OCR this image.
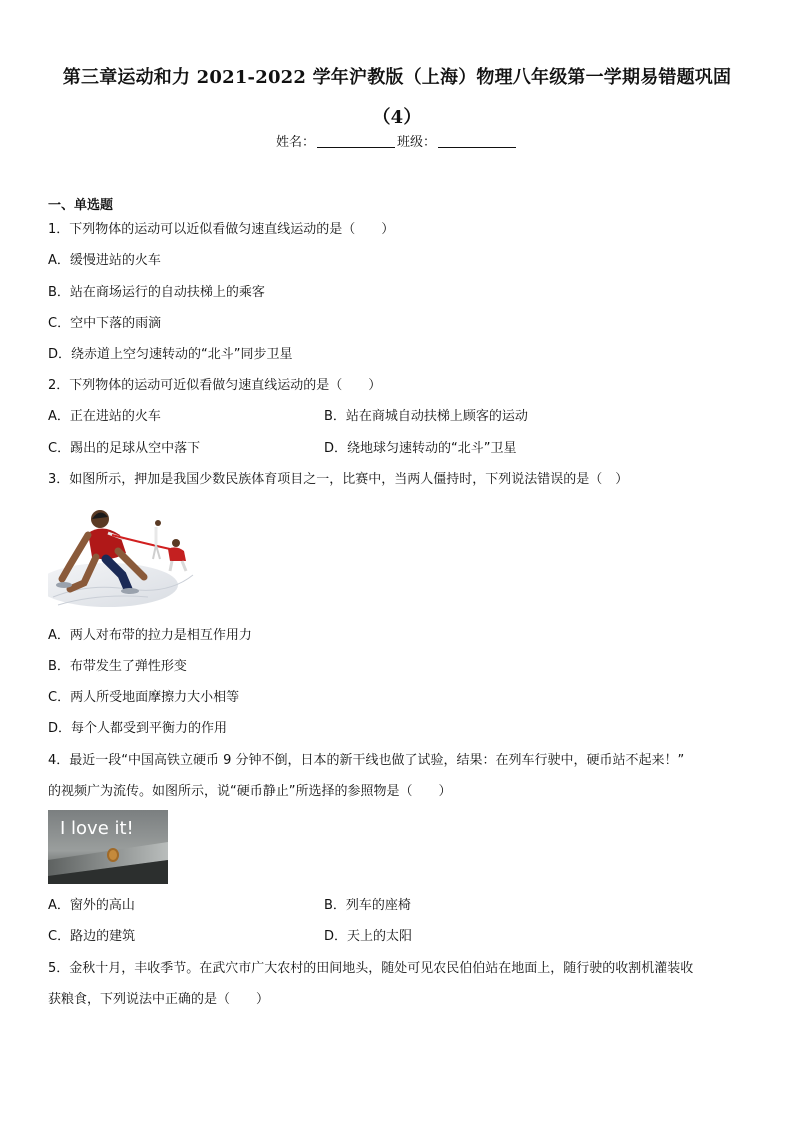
第三章运动和力 2021-2022 学年沪教版（上海）物理八年级第一学期易错题巩固
（4）
姓名：	班级：
一、单选题
1．下列物体的运动可以近似看做匀速直线运动的是（　　）
A．缓慢进站的火车
B．站在商场运行的自动扶梯上的乘客
C．空中下落的雨滴
D．绕赤道上空匀速转动的“北斗”同步卫星
2．下列物体的运动可近似看做匀速直线运动的是（　　）
A．正在进站的火车	B．站在商城自动扶梯上顾客的运动
C．踢出的足球从空中落下	D．绕地球匀速转动的“北斗”卫星
3．如图所示，押加是我国少数民族体育项目之一，比赛中，当两人僵持时，下列说法错误的是（　）
A．两人对布带的拉力是相互作用力
B．布带发生了弹性形变
C．两人所受地面摩擦力大小相等
D．每个人都受到平衡力的作用
4．最近一段“中国高铁立硬币 9 分钟不倒，日本的新干线也做了试验，结果：在列车行驶中，硬币站不起来！”
的视频广为流传。如图所示，说“硬币静止”所选择的参照物是（　　）
I love it!
A．窗外的高山	B．列车的座椅
C．路边的建筑	D．天上的太阳
5．金秋十月，丰收季节。在武穴市广大农村的田间地头，随处可见农民伯伯站在地面上，随行驶的收割机灌装收
获粮食，下列说法中正确的是（　　）
